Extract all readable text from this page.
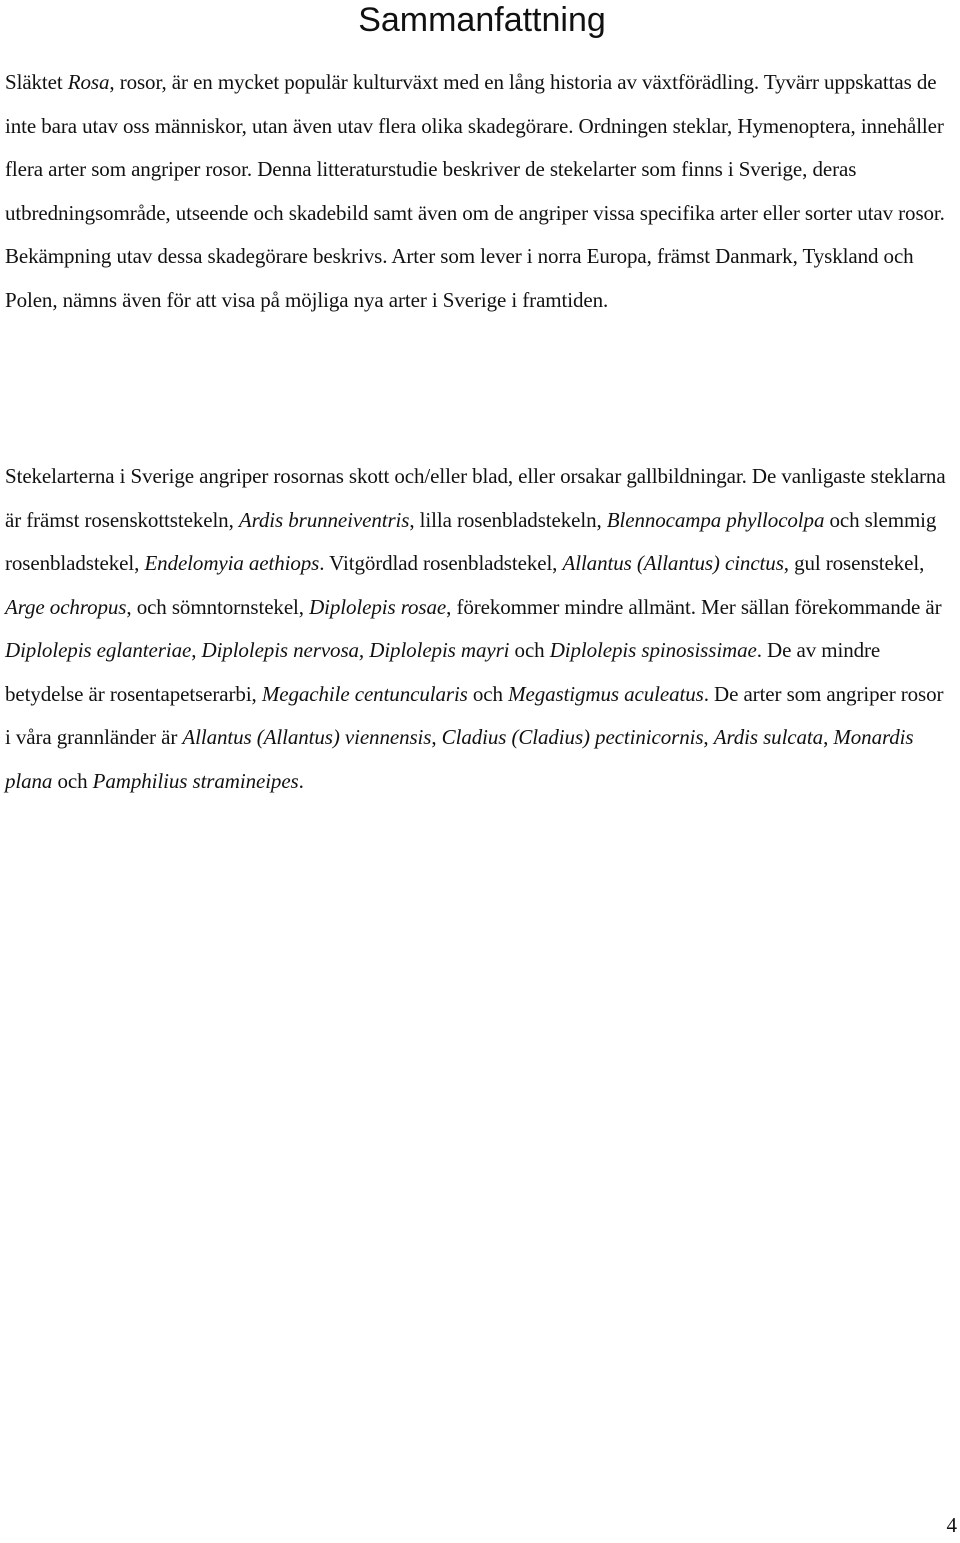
Sammanfattning

Släktet Rosa, rosor, är en mycket populär kulturväxt med en lång historia av växtförädling. Tyvärr uppskattas de inte bara utav oss människor, utan även utav flera olika skadegörare. Ordningen steklar, Hymenoptera, innehåller flera arter som angriper rosor. Denna litteraturstudie beskriver de stekelarter som finns i Sverige, deras utbredningsområde, utseende och skadebild samt även om de angriper vissa specifika arter eller sorter utav rosor. Bekämpning utav dessa skadegörare beskrivs. Arter som lever i norra Europa, främst Danmark, Tyskland och Polen, nämns även för att visa på möjliga nya arter i Sverige i framtiden.

Stekelarterna i Sverige angriper rosornas skott och/eller blad, eller orsakar gallbildningar. De vanligaste steklarna är främst rosenskottstekeln, Ardis brunneiventris, lilla rosenbladstekeln, Blennocampa phyllocolpa och slemmig rosenbladstekel, Endelomyia aethiops. Vitgördlad rosenbladstekel, Allantus (Allantus) cinctus, gul rosenstekel, Arge ochropus, och sömntornstekel, Diplolepis rosae, förekommer mindre allmänt. Mer sällan förekommande är Diplolepis eglanteriae, Diplolepis nervosa, Diplolepis mayri och Diplolepis spinosissimae. De av mindre betydelse är rosentapetserarbi, Megachile centuncularis och Megastigmus aculeatus. De arter som angriper rosor i våra grannländer är Allantus (Allantus) viennensis, Cladius (Cladius) pectinicornis, Ardis sulcata, Monardis plana och Pamphilius stramineipes.

4
